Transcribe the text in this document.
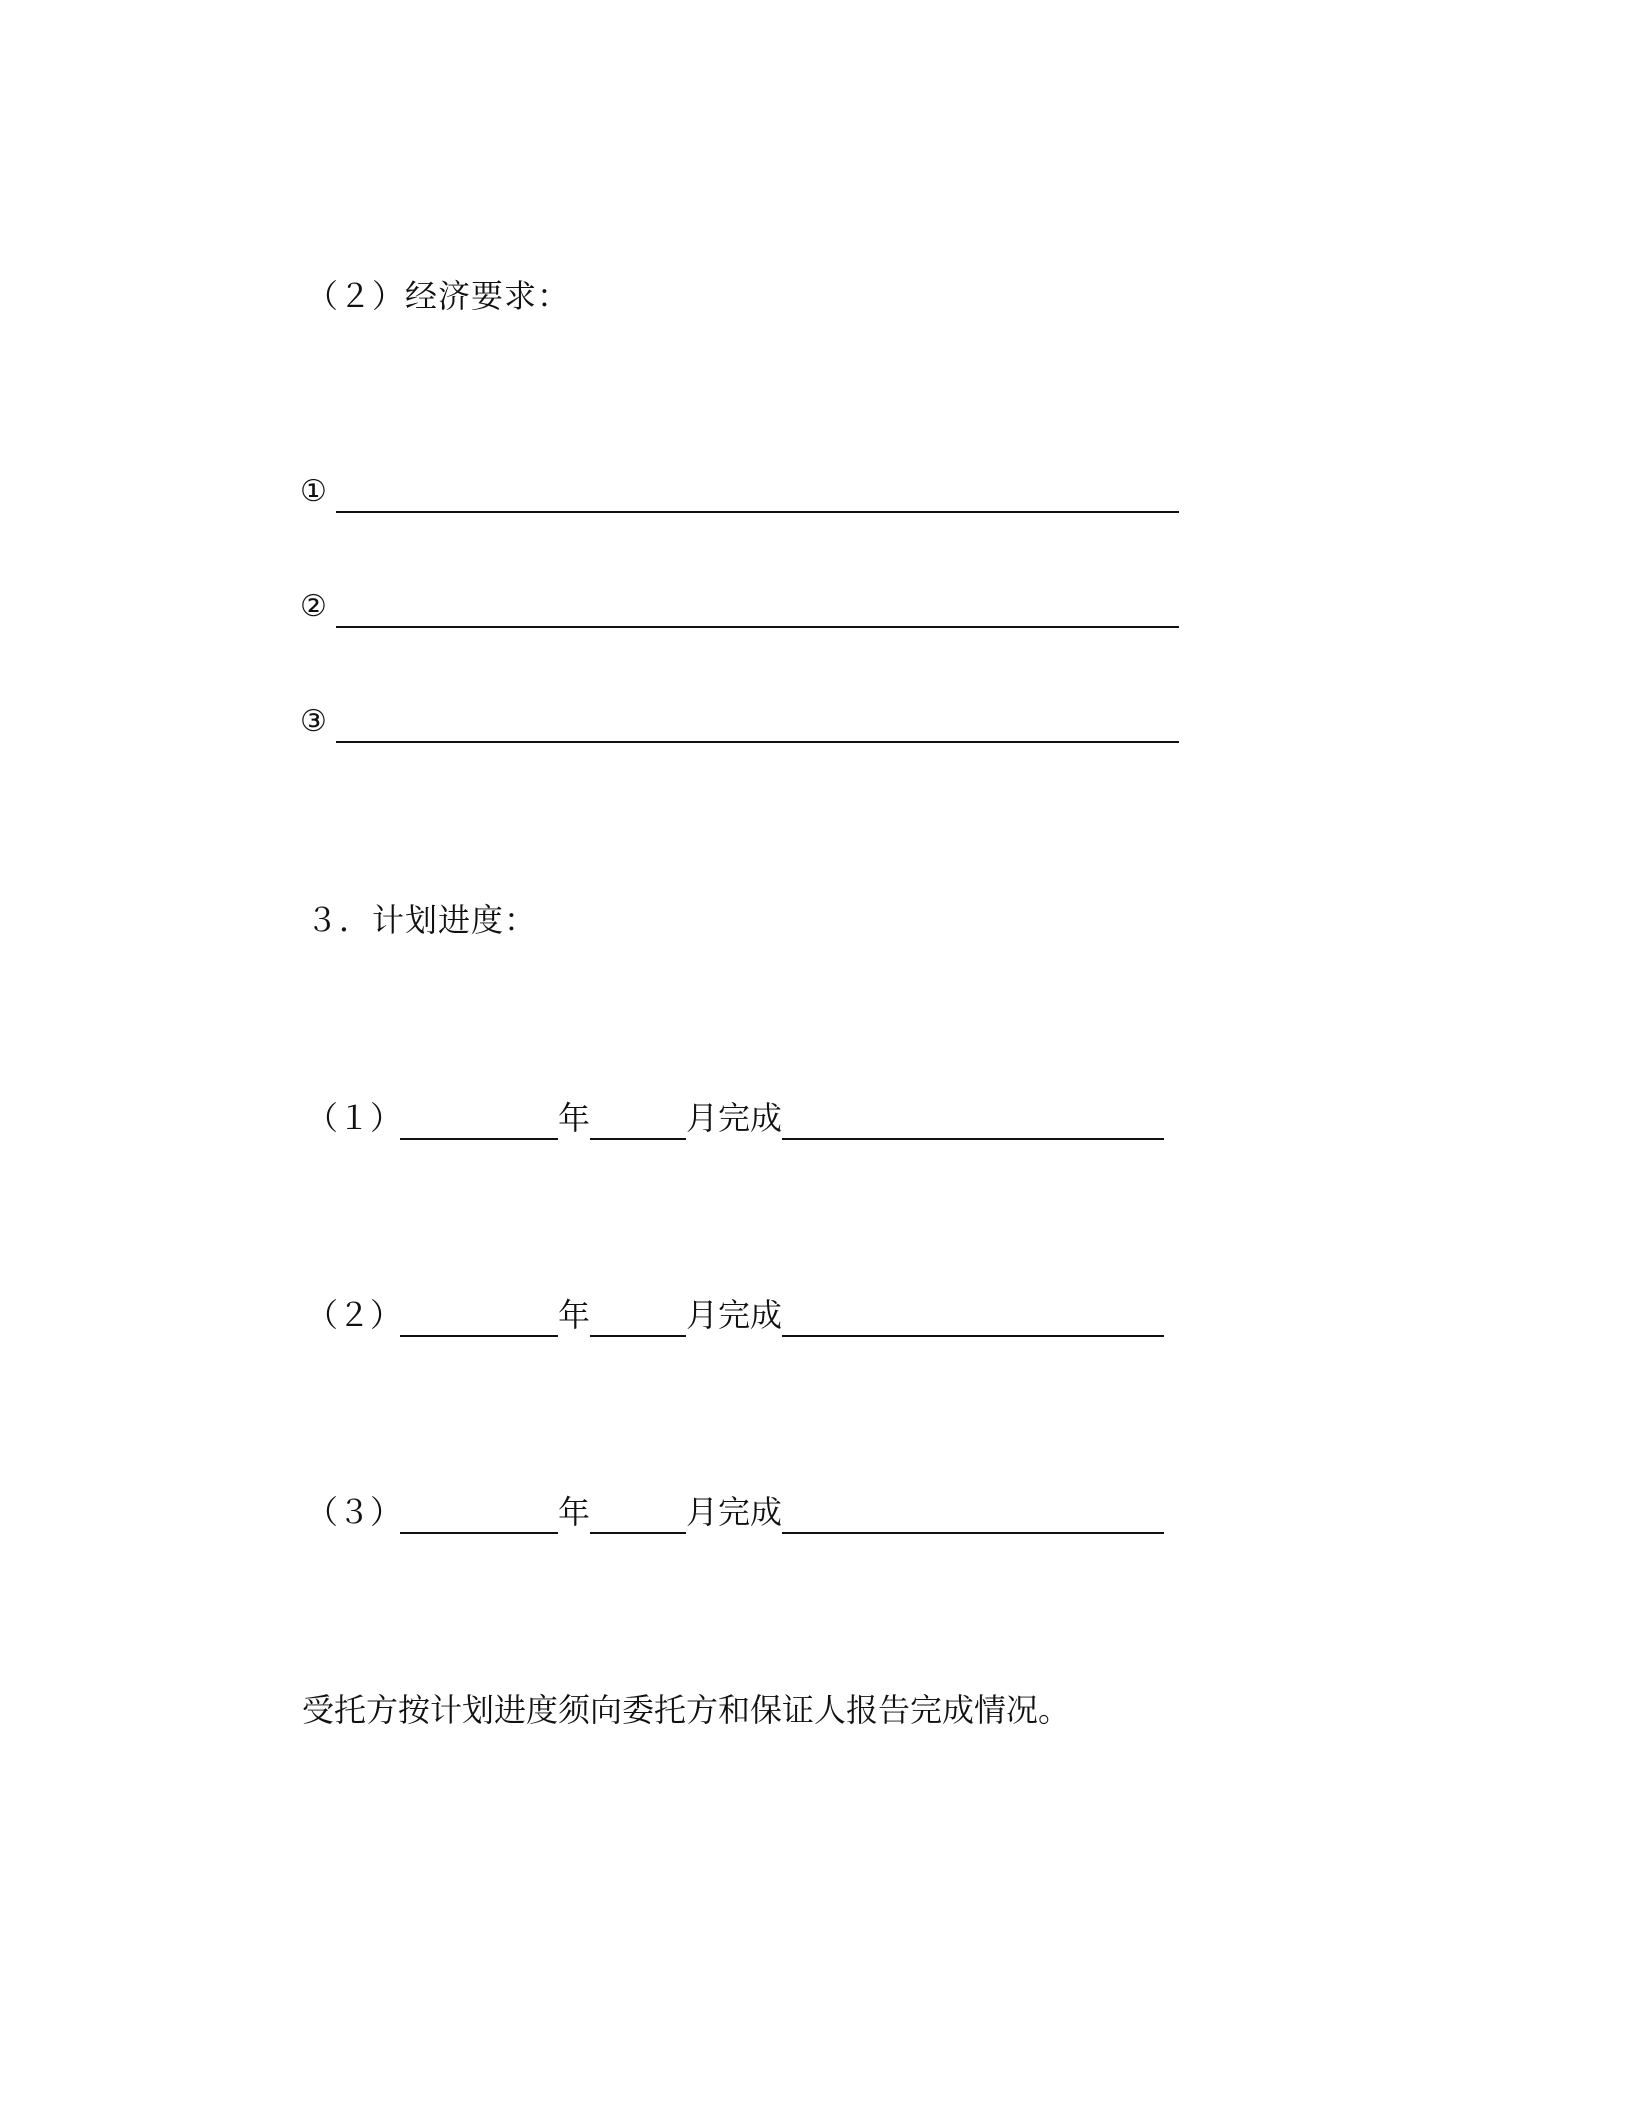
（２）经济要求：
①
②
③
３．计划进度：
（１）	年	月完成
（２）	年	月完成
（３）	年	月完成
受托方按计划进度须向委托方和保证人报告完成情况。
